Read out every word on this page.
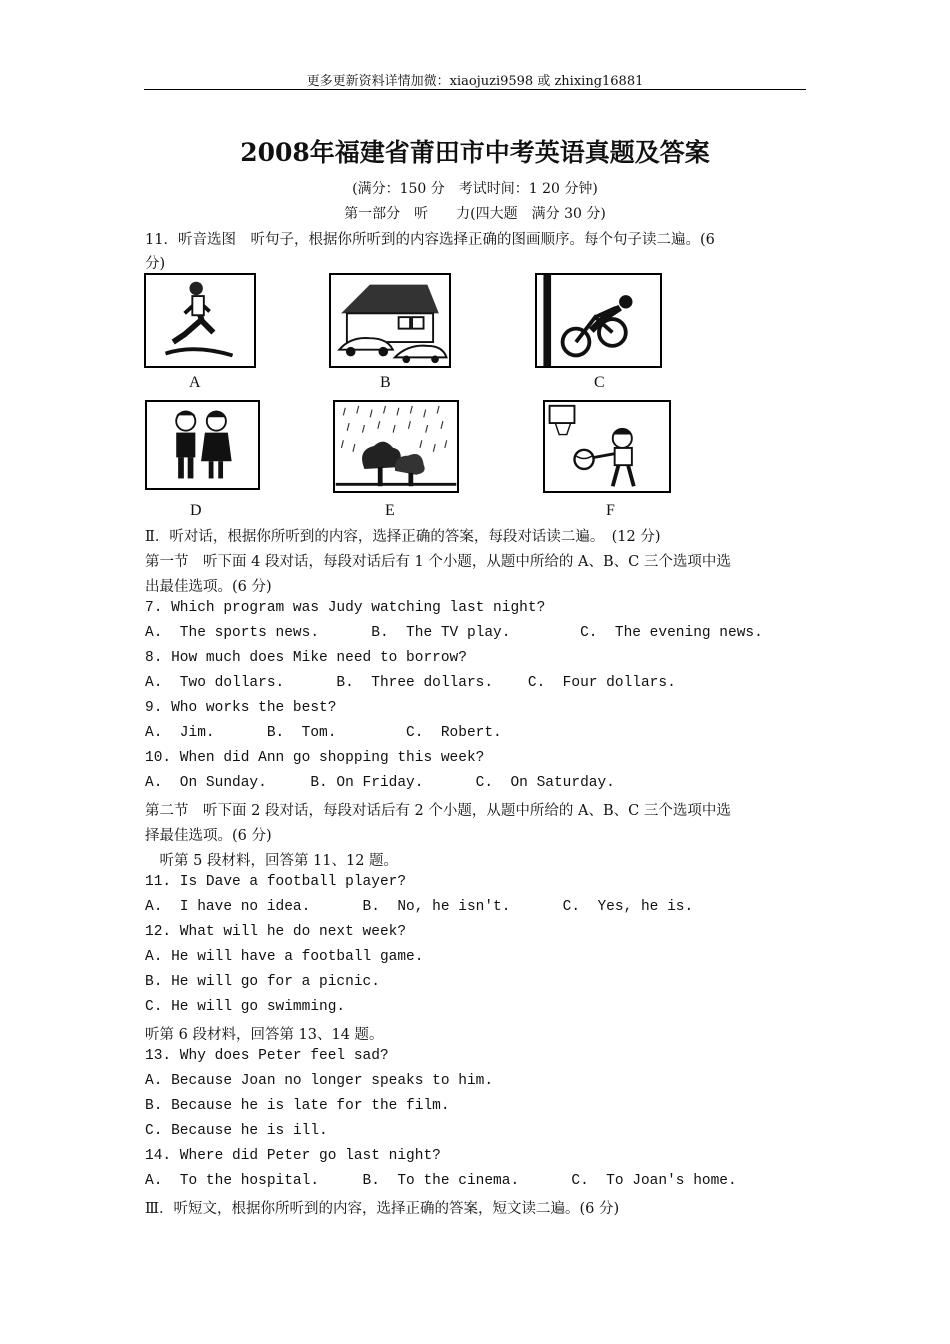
更多更新资料详情加微：xiaojuzi9598 或 zhixing16881
2008年福建省莆田市中考英语真题及答案
(满分：150 分　考试时间：1 20 分钟)
第一部分　听　　力(四大题　满分 30 分)
11．听音选图　听句子，根据你所听到的内容选择正确的图画顺序。每个句子读二遍。(6
分)
A	B	C
D	E	F
Ⅱ．听对话，根据你所听到的内容，选择正确的答案，每段对话读二遍。　(12 分)
第一节　听下面 4 段对话，每段对话后有 1 个小题，从题中所给的 A、B、C 三个选项中选
出最佳选项。(6 分)
7. Which program was Judy watching last night?
A.  The sports news.      B.  The TV play.        C.  The evening news.
8. How much does Mike need to borrow?
A.  Two dollars.      B.  Three dollars.    C.  Four dollars.
9. Who works the best?
A.  Jim.      B.  Tom.        C.  Robert.
10. When did Ann go shopping this week?
A.  On Sunday.     B. On Friday.      C.  On Saturday.
第二节　听下面 2 段对话，每段对话后有 2 个小题，从题中所给的 A、B、C 三个选项中选
择最佳选项。(6 分)
　听第 5 段材料，回答第 11、12 题。
11. Is Dave a football player?
A.  I have no idea.      B.  No, he isn't.      C.  Yes, he is.
12. What will he do next week?
A. He will have a football game.
B. He will go for a picnic.
C. He will go swimming.
听第 6 段材料，回答第 13、14 题。
13. Why does Peter feel sad?
A. Because Joan no longer speaks to him.
B. Because he is late for the film.
C. Because he is ill.
14. Where did Peter go last night?
A.  To the hospital.     B.  To the cinema.      C.  To Joan's home.
Ⅲ．听短文，根据你所听到的内容，选择正确的答案，短文读二遍。(6 分)
